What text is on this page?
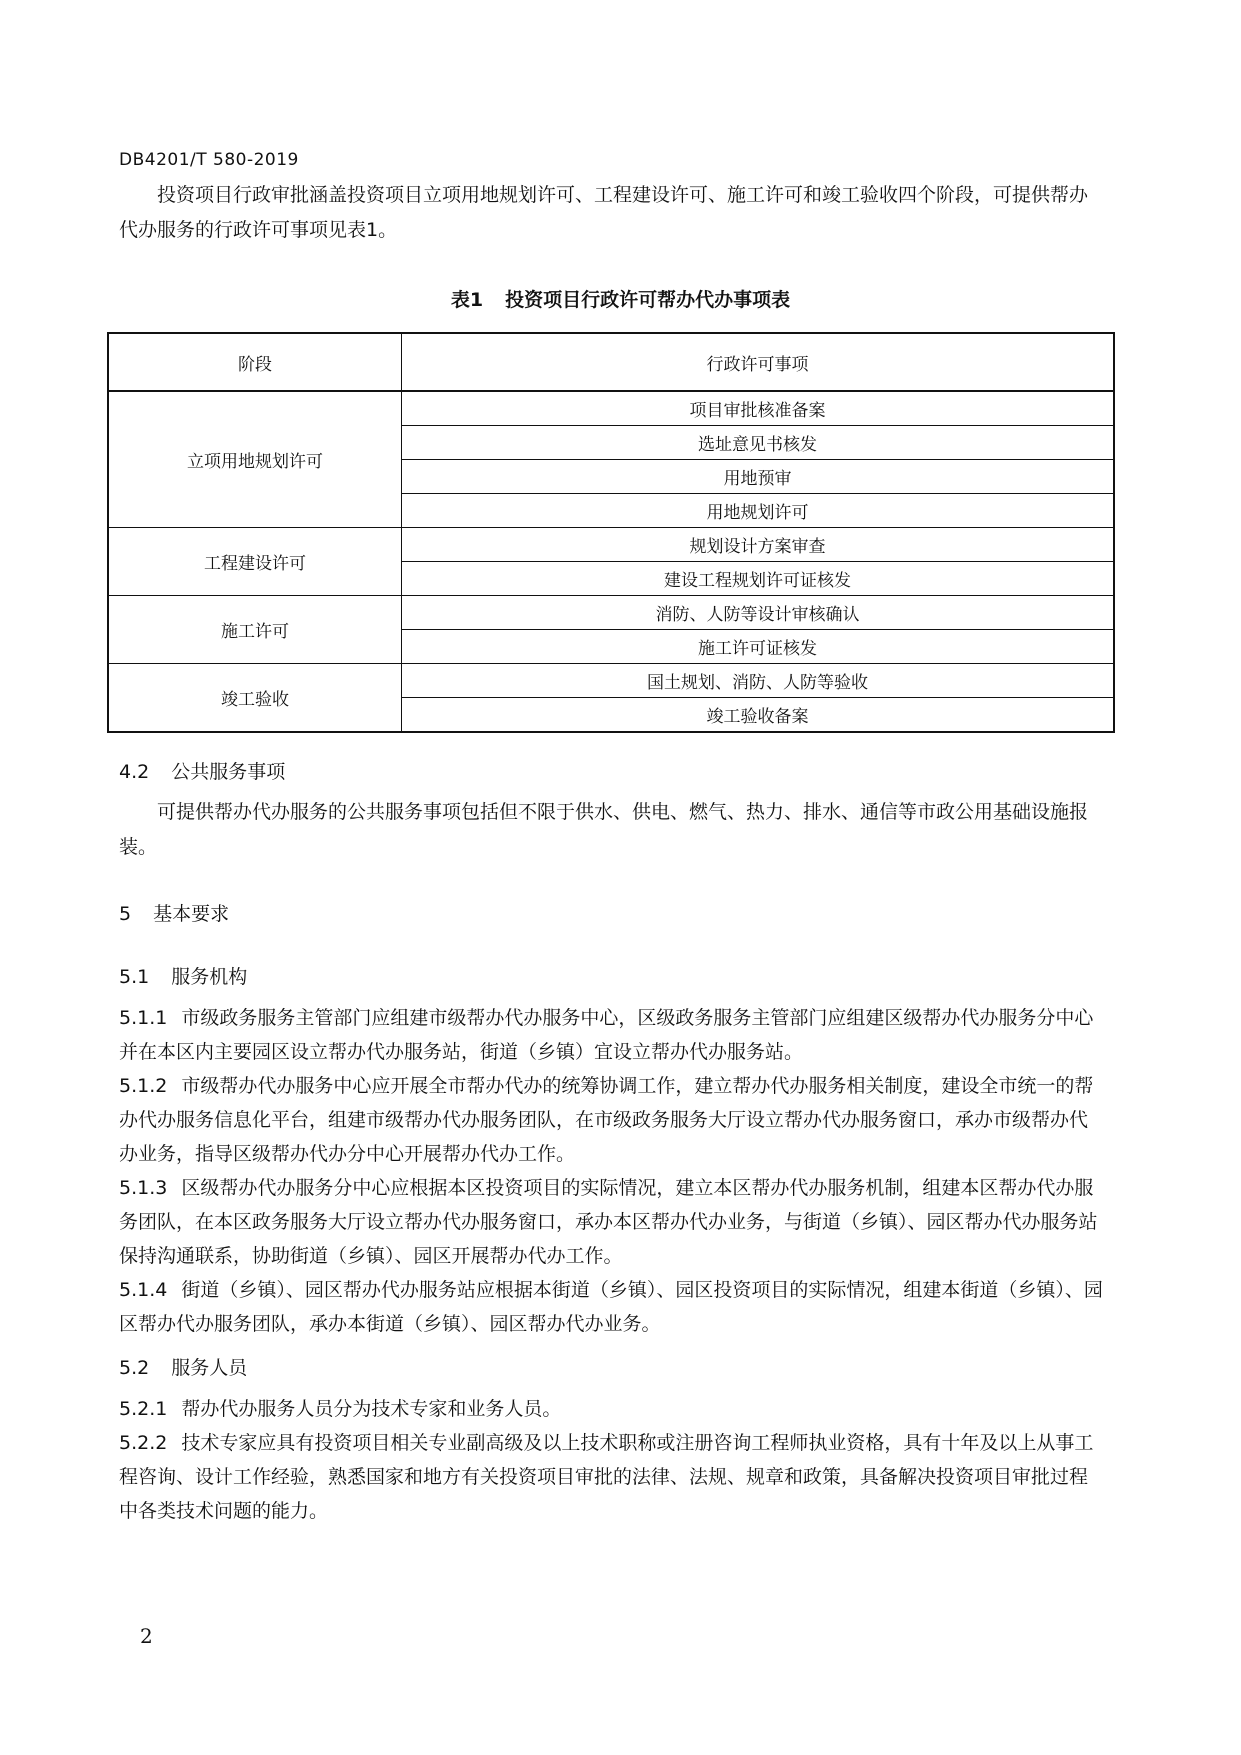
DB4201/T 580-2019

投资项目行政审批涵盖投资项目立项用地规划许可、工程建设许可、施工许可和竣工验收四个阶段，可提供帮办代办服务的行政许可事项见表1。

表1 投资项目行政许可帮办代办事项表
阶段	行政许可事项
立项用地规划许可	项目审批核准备案
	选址意见书核发
	用地预审
	用地规划许可
工程建设许可	规划设计方案审查
	建设工程规划许可证核发
施工许可	消防、人防等设计审核确认
	施工许可证核发
竣工验收	国土规划、消防、人防等验收
	竣工验收备案
4.2 公共服务事项

可提供帮办代办服务的公共服务事项包括但不限于供水、供电、燃气、热力、排水、通信等市政公用基础设施报装。

5 基本要求
5.1 服务机构

5.1.1 市级政务服务主管部门应组建市级帮办代办服务中心，区级政务服务主管部门应组建区级帮办代办服务分中心并在本区内主要园区设立帮办代办服务站，街道（乡镇）宜设立帮办代办服务站。

5.1.2 市级帮办代办服务中心应开展全市帮办代办的统筹协调工作，建立帮办代办服务相关制度，建设全市统一的帮办代办服务信息化平台，组建市级帮办代办服务团队，在市级政务服务大厅设立帮办代办服务窗口，承办市级帮办代办业务，指导区级帮办代办分中心开展帮办代办工作。

5.1.3 区级帮办代办服务分中心应根据本区投资项目的实际情况，建立本区帮办代办服务机制，组建本区帮办代办服务团队，在本区政务服务大厅设立帮办代办服务窗口，承办本区帮办代办业务，与街道（乡镇）、园区帮办代办服务站保持沟通联系，协助街道（乡镇）、园区开展帮办代办工作。

5.1.4 街道（乡镇）、园区帮办代办服务站应根据本街道（乡镇）、园区投资项目的实际情况，组建本街道（乡镇）、园区帮办代办服务团队，承办本街道（乡镇）、园区帮办代办业务。

5.2 服务人员

5.2.1 帮办代办服务人员分为技术专家和业务人员。

5.2.2 技术专家应具有投资项目相关专业副高级及以上技术职称或注册咨询工程师执业资格，具有十年及以上从事工程咨询、设计工作经验，熟悉国家和地方有关投资项目审批的法律、法规、规章和政策，具备解决投资项目审批过程中各类技术问题的能力。

2
